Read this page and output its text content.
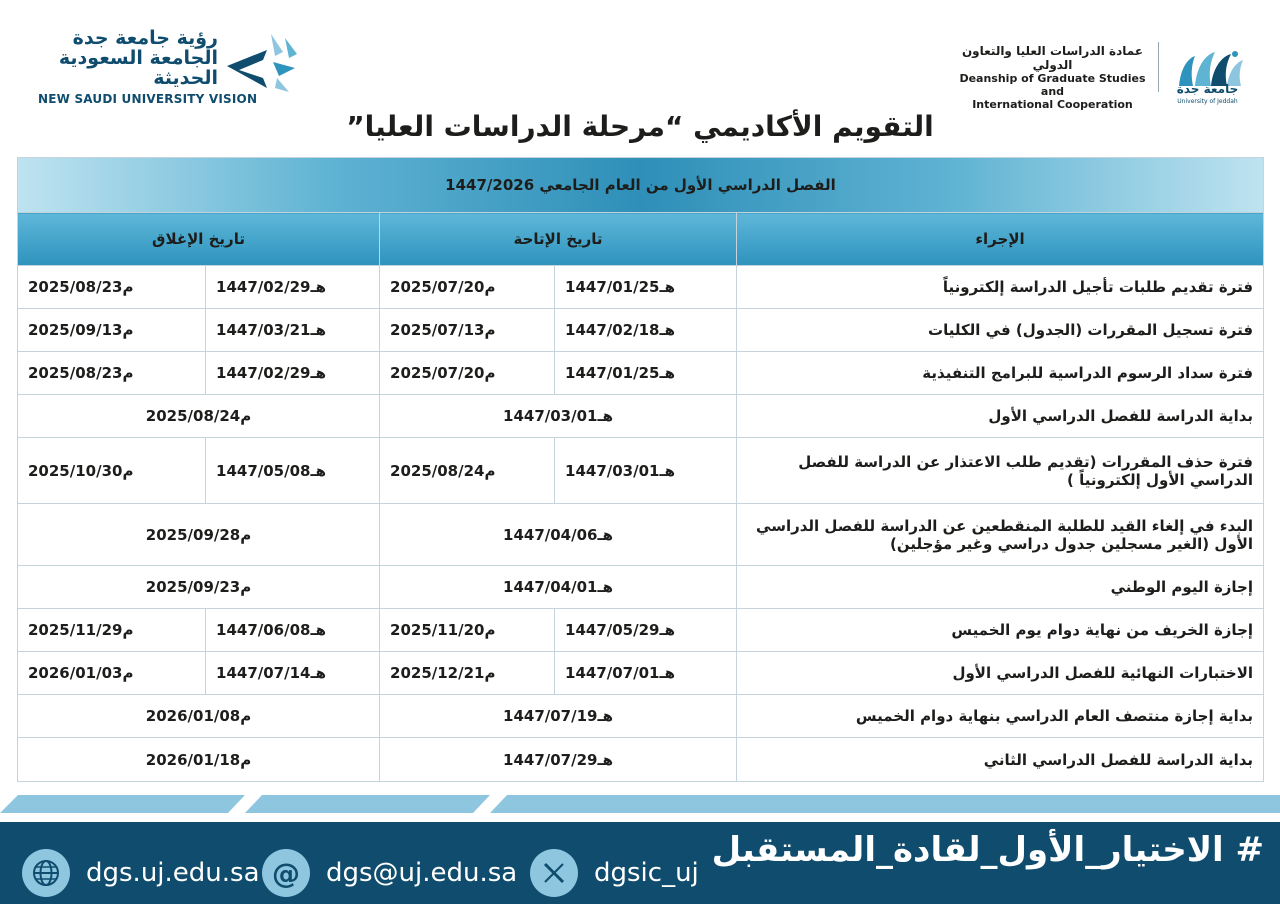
رؤية جامعة جدة
الجامعة السعودية الحديثة
NEW SAUDI UNIVERSITY VISION
عمادة الدراسات العليا والتعاون الدولي
Deanship of Graduate Studies and
International Cooperation
جامعة جدة
University of Jeddah
التقويم الأكاديمي “مرحلة الدراسات العليا”
الفصل الدراسي الأول من العام الجامعي 1447/2026				
الإجراء	تاريخ الإتاحة		تاريخ الإغلاق	
فترة تقديم طلبات تأجيل الدراسة إلكترونياً	1447/01/25هـ	2025/07/20م	1447/02/29هـ	2025/08/23م
فترة تسجيل المقررات (الجدول) في الكليات	1447/02/18هـ	2025/07/13م	1447/03/21هـ	2025/09/13م
فترة سداد الرسوم الدراسية للبرامج التنفيذية	1447/01/25هـ	2025/07/20م	1447/02/29هـ	2025/08/23م
بداية الدراسة للفصل الدراسي الأول	1447/03/01هـ		2025/08/24م	
فترة حذف المقررات (تقديم طلب الاعتذار عن الدراسة للفصل الدراسي الأول إلكترونياً )	1447/03/01هـ	2025/08/24م	1447/05/08هـ	2025/10/30م
البدء في إلغاء القيد للطلبة المنقطعين عن الدراسة للفصل الدراسي الأول (الغير مسجلين جدول دراسي وغير مؤجلين)	1447/04/06هـ		2025/09/28م	
إجازة اليوم الوطني	1447/04/01هـ		2025/09/23م	
إجازة الخريف من نهاية دوام يوم الخميس	1447/05/29هـ	2025/11/20م	1447/06/08هـ	2025/11/29م
الاختبارات النهائية للفصل الدراسي الأول	1447/07/01هـ	2025/12/21م	1447/07/14هـ	2026/01/03م
بداية إجازة منتصف العام الدراسي بنهاية دوام الخميس	1447/07/19هـ		2026/01/08م	
بداية الدراسة للفصل الدراسي الثاني	1447/07/29هـ		2026/01/18م	
# الاختيار_الأول_لقادة_المستقبل
dgs.uj.edu.sa @ dgs@uj.edu.sa	dgsic_uj
